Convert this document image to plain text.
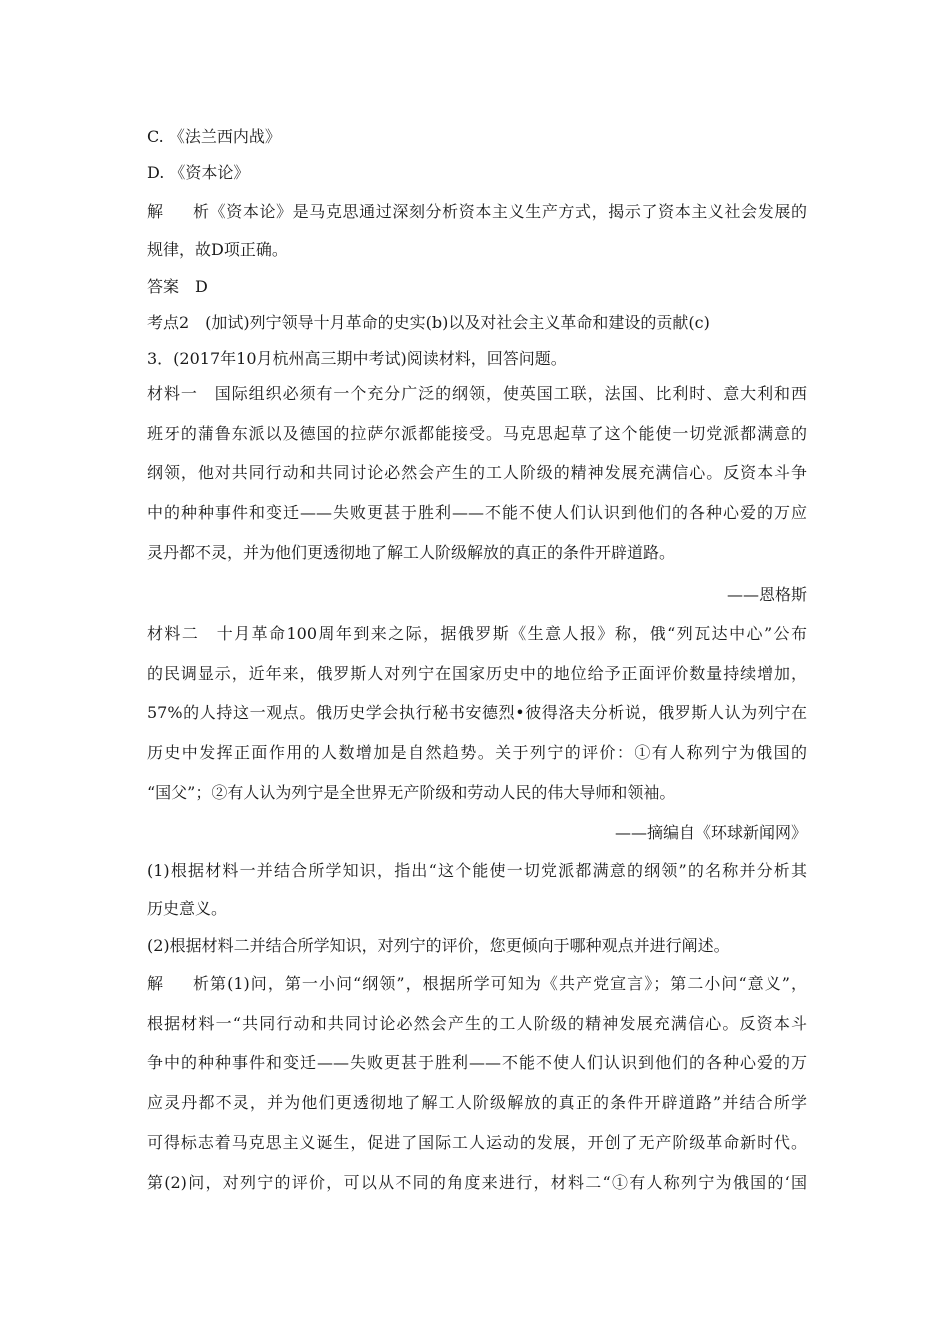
C. 《法兰西内战》
D. 《资本论》
解析《资本论》是马克思通过深刻分析资本主义生产方式，揭示了资本主义社会发展的
规律，故D项正确。
答案 D
考点2　(加试)列宁领导十月革命的史实(b)以及对社会主义革命和建设的贡献(c)
3．(2017年10月杭州高三期中考试)阅读材料，回答问题。
材料一　国际组织必须有一个充分广泛的纲领，使英国工联，法国、比利时、意大利和西
班牙的蒲鲁东派以及德国的拉萨尔派都能接受。马克思起草了这个能使一切党派都满意的
纲领，他对共同行动和共同讨论必然会产生的工人阶级的精神发展充满信心。反资本斗争
中的种种事件和变迁——失败更甚于胜利——不能不使人们认识到他们的各种心爱的万应
灵丹都不灵，并为他们更透彻地了解工人阶级解放的真正的条件开辟道路。
——恩格斯
材料二　十月革命100周年到来之际，据俄罗斯《生意人报》称，俄“列瓦达中心”公布
的民调显示，近年来，俄罗斯人对列宁在国家历史中的地位给予正面评价数量持续增加，
57%的人持这一观点。俄历史学会执行秘书安德烈•彼得洛夫分析说，俄罗斯人认为列宁在
历史中发挥正面作用的人数增加是自然趋势。关于列宁的评价：①有人称列宁为俄国的
“国父”；②有人认为列宁是全世界无产阶级和劳动人民的伟大导师和领袖。
——摘编自《环球新闻网》
(1)根据材料一并结合所学知识，指出“这个能使一切党派都满意的纲领”的名称并分析其
历史意义。
(2)根据材料二并结合所学知识，对列宁的评价，您更倾向于哪种观点并进行阐述。
解析第(1)问，第一小问“纲领”，根据所学可知为《共产党宣言》；第二小问“意义”，
根据材料一“共同行动和共同讨论必然会产生的工人阶级的精神发展充满信心。反资本斗
争中的种种事件和变迁——失败更甚于胜利——不能不使人们认识到他们的各种心爱的万
应灵丹都不灵，并为他们更透彻地了解工人阶级解放的真正的条件开辟道路”并结合所学
可得标志着马克思主义诞生，促进了国际工人运动的发展，开创了无产阶级革命新时代。
第(2)问，对列宁的评价，可以从不同的角度来进行，材料二“①有人称列宁为俄国的‘国
